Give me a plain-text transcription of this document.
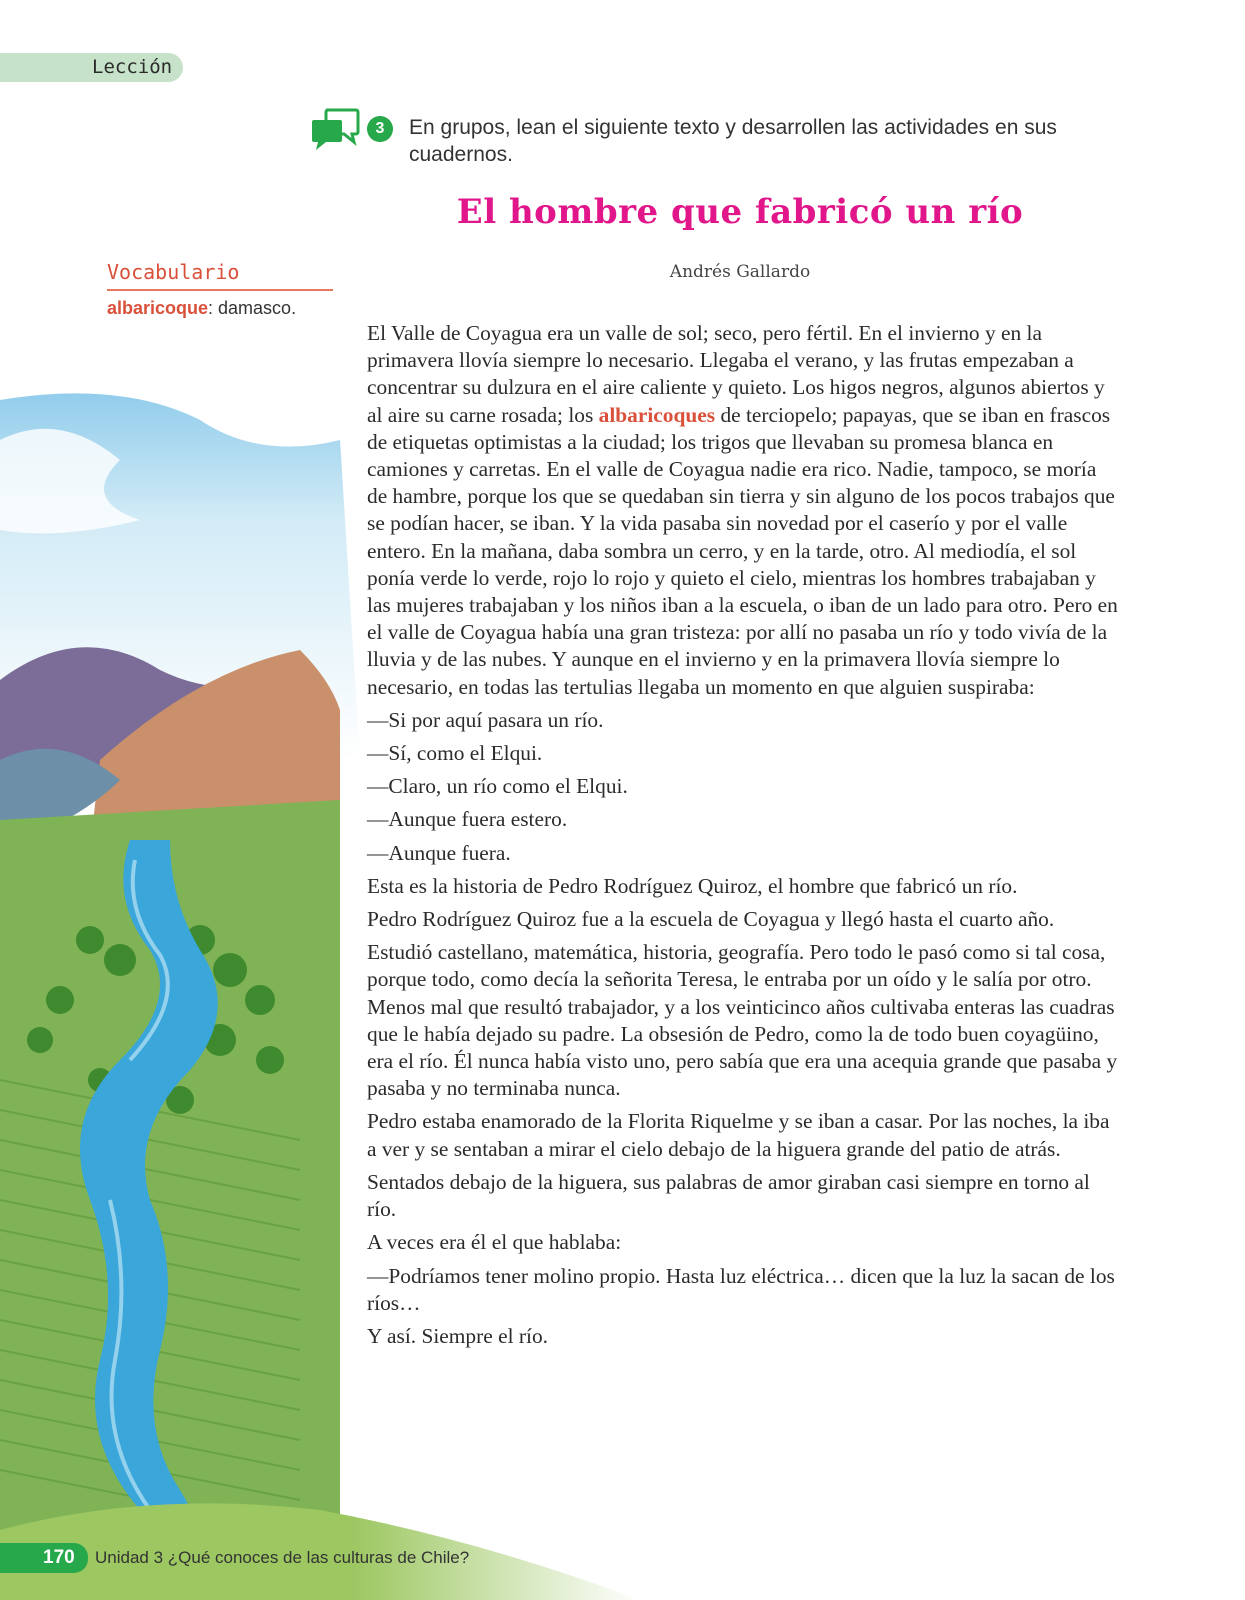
Lección
3	En grupos, lean el siguiente texto y desarrollen las actividades en sus cuadernos.
El hombre que fabricó un río
Andrés Gallardo
Vocabulario
albaricoque: damasco.

El Valle de Coyagua era un valle de sol; seco, pero fértil. En el invierno y en la primavera llovía siempre lo necesario. Llegaba el verano, y las frutas empezaban a concentrar su dulzura en el aire caliente y quieto. Los higos negros, algunos abiertos y al aire su carne rosada; los albaricoques de terciopelo; papayas, que se iban en frascos de etiquetas optimistas a la ciudad; los trigos que llevaban su promesa blanca en camiones y carretas. En el valle de Coyagua nadie era rico. Nadie, tampoco, se moría de hambre, porque los que se quedaban sin tierra y sin alguno de los pocos trabajos que se podían hacer, se iban. Y la vida pasaba sin novedad por el caserío y por el valle entero. En la mañana, daba sombra un cerro, y en la tarde, otro. Al mediodía, el sol ponía verde lo verde, rojo lo rojo y quieto el cielo, mientras los hombres trabajaban y las mujeres trabajaban y los niños iban a la escuela, o iban de un lado para otro. Pero en el valle de Coyagua había una gran tristeza: por allí no pasaba un río y todo vivía de la lluvia y de las nubes. Y aunque en el invierno y en la primavera llovía siempre lo necesario, en todas las tertulias llegaba un momento en que alguien suspiraba:

—Si por aquí pasara un río.

—Sí, como el Elqui.

—Claro, un río como el Elqui.

—Aunque fuera estero.

—Aunque fuera.

Esta es la historia de Pedro Rodríguez Quiroz, el hombre que fabricó un río.

Pedro Rodríguez Quiroz fue a la escuela de Coyagua y llegó hasta el cuarto año.

Estudió castellano, matemática, historia, geografía. Pero todo le pasó como si tal cosa, porque todo, como decía la señorita Teresa, le entraba por un oído y le salía por otro. Menos mal que resultó trabajador, y a los veinticinco años cultivaba enteras las cuadras que le había dejado su padre. La obsesión de Pedro, como la de todo buen coyagüino, era el río. Él nunca había visto uno, pero sabía que era una acequia grande que pasaba y pasaba y no terminaba nunca.

Pedro estaba enamorado de la Florita Riquelme y se iban a casar. Por las noches, la iba a ver y se sentaban a mirar el cielo debajo de la higuera grande del patio de atrás.

Sentados debajo de la higuera, sus palabras de amor giraban casi siempre en torno al río.

A veces era él el que hablaba:

—Podríamos tener molino propio. Hasta luz eléctrica… dicen que la luz la sacan de los ríos…

Y así. Siempre el río.

170 Unidad 3 ¿Qué conoces de las culturas de Chile?
